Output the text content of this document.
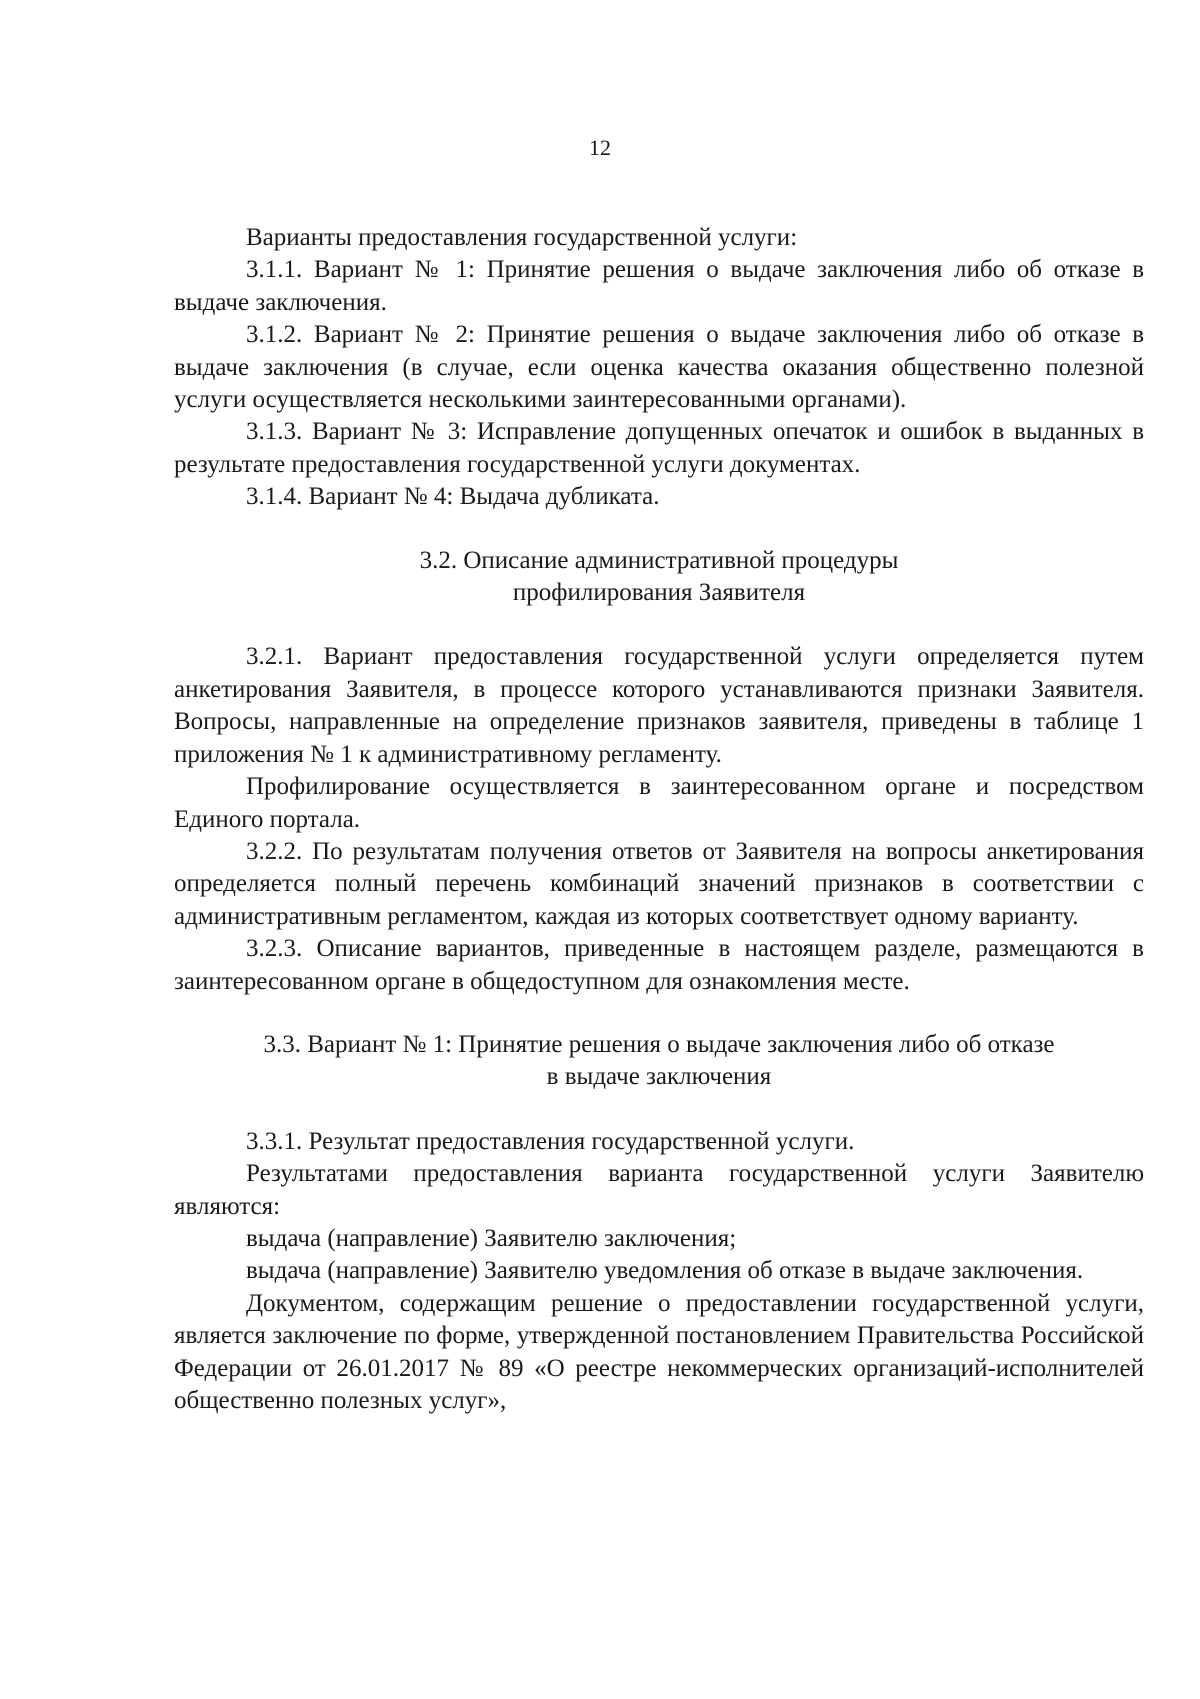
12

Варианты предоставления государственной услуги:

3.1.1. Вариант № 1: Принятие решения о выдаче заключения либо об отказе в выдаче заключения.

3.1.2. Вариант № 2: Принятие решения о выдаче заключения либо об отказе в выдаче заключения (в случае, если оценка качества оказания общественно полезной услуги осуществляется несколькими заинтересованными органами).

3.1.3. Вариант № 3: Исправление допущенных опечаток и ошибок в выданных в результате предоставления государственной услуги документах.

3.1.4. Вариант № 4: Выдача дубликата.

3.2. Описание административной процедуры
профилирования Заявителя

3.2.1. Вариант предоставления государственной услуги определяется путем анкетирования Заявителя, в процессе которого устанавливаются признаки Заявителя. Вопросы, направленные на определение признаков заявителя, приведены в таблице 1 приложения № 1 к административному регламенту.

Профилирование осуществляется в заинтересованном органе и посредством Единого портала.

3.2.2. По результатам получения ответов от Заявителя на вопросы анкетирования определяется полный перечень комбинаций значений признаков в соответствии с административным регламентом, каждая из которых соответствует одному варианту.

3.2.3. Описание вариантов, приведенные в настоящем разделе, размещаются в заинтересованном органе в общедоступном для ознакомления месте.

3.3. Вариант № 1: Принятие решения о выдаче заключения либо об отказе
в выдаче заключения

3.3.1. Результат предоставления государственной услуги.

Результатами предоставления варианта государственной услуги Заявителю являются:

выдача (направление) Заявителю заключения;

выдача (направление) Заявителю уведомления об отказе в выдаче заключения.

Документом, содержащим решение о предоставлении государственной услуги, является заключение по форме, утвержденной постановлением Правительства Российской Федерации от 26.01.2017 № 89 «О реестре некоммерческих организаций-исполнителей общественно полезных услуг»,
